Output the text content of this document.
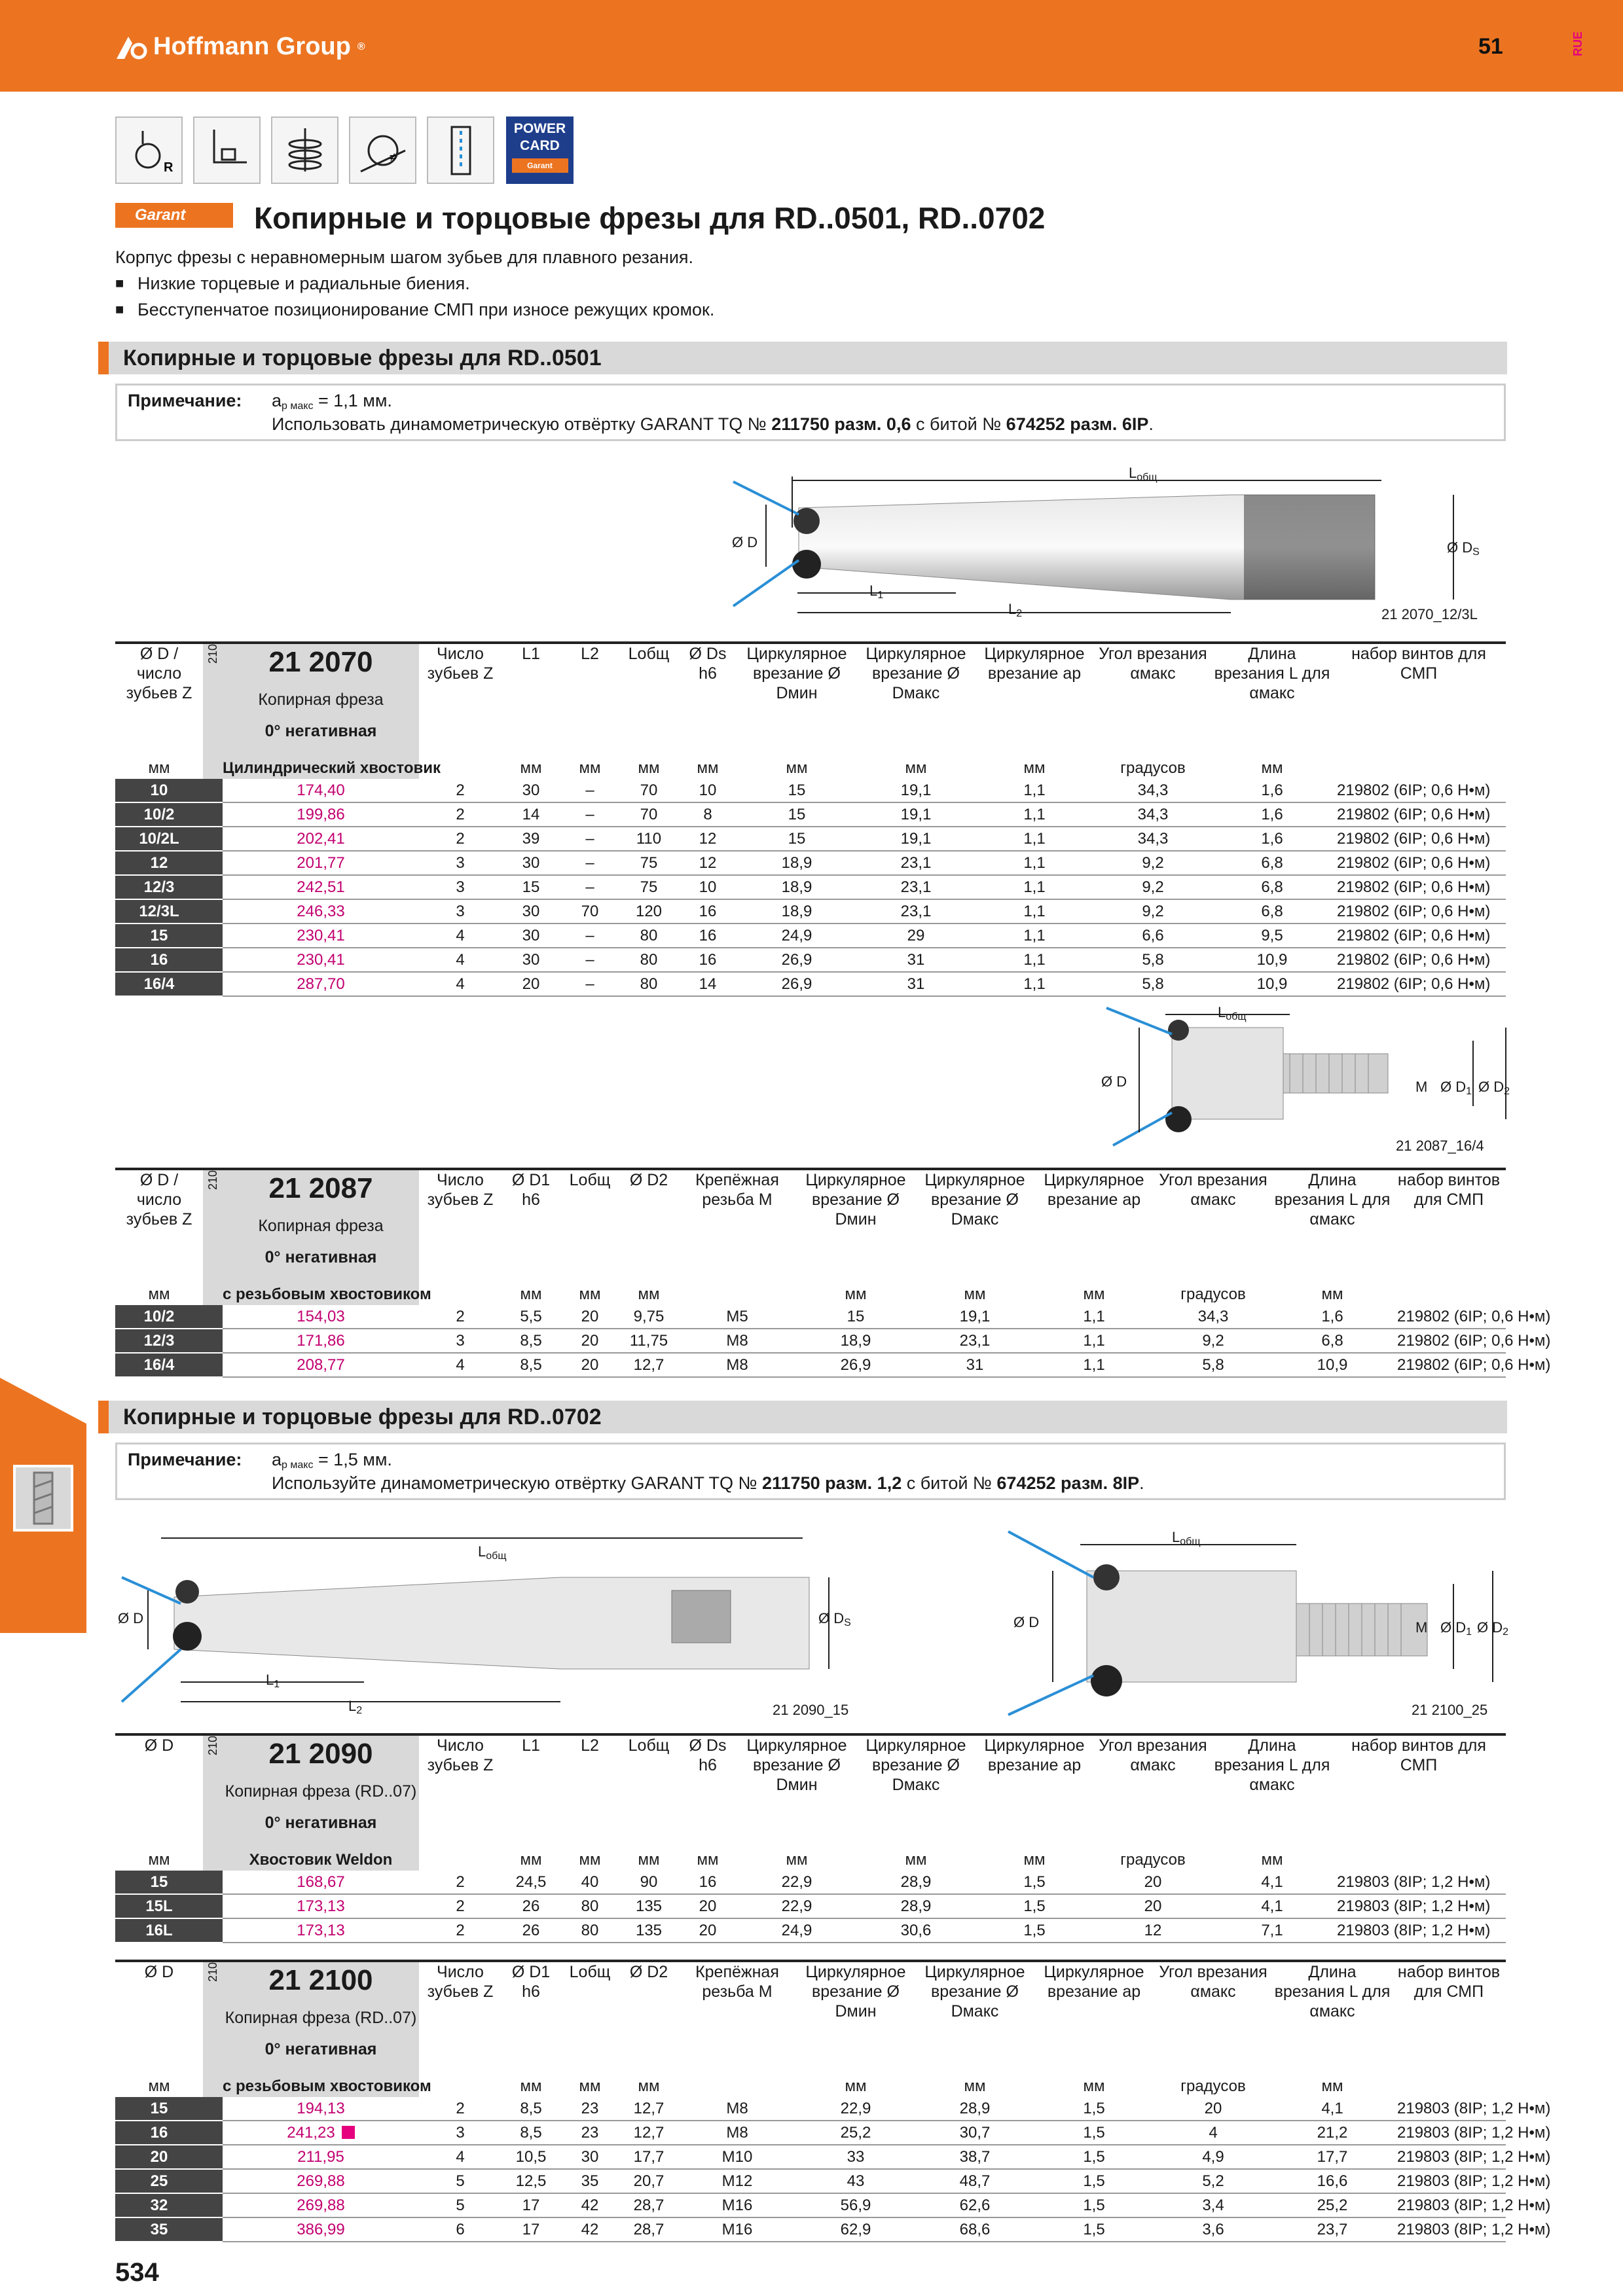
Hoffmann Group ®	51	RUE
R
≠
POWER
CARD
Garant
Garant	Копирные и торцовые фрезы для RD..0501, RD..0702
Корпус фрезы с неравномерным шагом зубьев для плавного резания.
■ Низкие торцевые и радиальные биения.
■ Бесступенчатое позиционирование СМП при износе режущих кромок.
Копирные и торцовые фрезы для RD..0501
Примечание: $a_{p макс} = 1,1$ мм.
Использовать динамометрическую отвёртку GARANT TQ № 211750 разм. 0,6 с битой № 674252 разм. 6IP.
Ø D	Ø $D_S$
$L_1$
$L_2$
$L_{общ}$
21 2070_12/3L
Ø D / число зубьев Z	210	21 2070	Число зубьев Z	L1	L2	Lобщ	Ø Ds h6	Циркулярное врезание Ø Dмин	Циркулярное врезание Ø Dмакс	Циркулярное врезание ap	Угол врезания αмакс	Длина врезания L для αмакс	набор винтов для СМП
		Копирная фреза											
		0° негативная											
мм		Цилиндрический хвостовик		мм	мм	мм	мм	мм	мм	мм	градусов	мм	
10		174,40	2	30	–	70	10	15	19,1	1,1	34,3	1,6	219802 (6IP; 0,6 Н•м)
10/2		199,86	2	14	–	70	8	15	19,1	1,1	34,3	1,6	219802 (6IP; 0,6 Н•м)
10/2L		202,41	2	39	–	110	12	15	19,1	1,1	34,3	1,6	219802 (6IP; 0,6 Н•м)
12		201,77	3	30	–	75	12	18,9	23,1	1,1	9,2	6,8	219802 (6IP; 0,6 Н•м)
12/3		242,51	3	15	–	75	10	18,9	23,1	1,1	9,2	6,8	219802 (6IP; 0,6 Н•м)
12/3L		246,33	3	30	70	120	16	18,9	23,1	1,1	9,2	6,8	219802 (6IP; 0,6 Н•м)
15		230,41	4	30	–	80	16	24,9	29	1,1	6,6	9,5	219802 (6IP; 0,6 Н•м)
16		230,41	4	30	–	80	16	26,9	31	1,1	5,8	10,9	219802 (6IP; 0,6 Н•м)
16/4		287,70	4	20	–	80	14	26,9	31	1,1	5,8	10,9	219802 (6IP; 0,6 Н•м)
Ø D	M Ø $D_1$ Ø $D_2$
$L_{общ}$
21 2087_16/4
Ø D / число зубьев Z	210	21 2087	Число зубьев Z	Ø D1 h6	Lобщ	Ø D2	Крепёжная резьба M	Циркулярное врезание Ø Dмин	Циркулярное врезание Ø Dмакс	Циркулярное врезание ap	Угол врезания αмакс	Длина врезания L для αмакс	набор винтов для СМП
		Копирная фреза											
		0° негативная											
мм		с резьбовым хвостовиком		мм	мм	мм		мм	мм	мм	градусов	мм	
10/2		154,03	2	5,5	20	9,75	M5	15	19,1	1,1	34,3	1,6	219802 (6IP; 0,6 Н•м)
12/3		171,86	3	8,5	20	11,75	M8	18,9	23,1	1,1	9,2	6,8	219802 (6IP; 0,6 Н•м)
16/4		208,77	4	8,5	20	12,7	M8	26,9	31	1,1	5,8	10,9	219802 (6IP; 0,6 Н•м)
Копирные и торцовые фрезы для RD..0702
Примечание: $a_{p макс} = 1,5$ мм.
Используйте динамометрическую отвёртку GARANT TQ № 211750 разм. 1,2 с битой № 674252 разм. 8IP.
Ø D	Ø $D_S$
$L_1$
$L_2$
$L_{общ}$
21 2090_15
Ø D	M Ø $D_1$ Ø $D_2$
$L_{общ}$
21 2100_25
Ø D	210	21 2090	Число зубьев Z	L1	L2	Lобщ	Ø Ds h6	Циркулярное врезание Ø Dмин	Циркулярное врезание Ø Dмакс	Циркулярное врезание ap	Угол врезания αмакс	Длина врезания L для αмакс	набор винтов для СМП
		Копирная фреза (RD..07)											
		0° негативная											
мм		Хвостовик Weldon		мм	мм	мм	мм	мм	мм	мм	градусов	мм	
15		168,67	2	24,5	40	90	16	22,9	28,9	1,5	20	4,1	219803 (8IP; 1,2 Н•м)
15L		173,13	2	26	80	135	20	22,9	28,9	1,5	20	4,1	219803 (8IP; 1,2 Н•м)
16L		173,13	2	26	80	135	20	24,9	30,6	1,5	12	7,1	219803 (8IP; 1,2 Н•м)
Ø D	210	21 2100	Число зубьев Z	Ø D1 h6	Lобщ	Ø D2	Крепёжная резьба M	Циркулярное врезание Ø Dмин	Циркулярное врезание Ø Dмакс	Циркулярное врезание ap	Угол врезания αмакс	Длина врезания L для αмакс	набор винтов для СМП
		Копирная фреза (RD..07)											
		0° негативная											
мм		с резьбовым хвостовиком		мм	мм	мм		мм	мм	мм	градусов	мм	
15		194,13	2	8,5	23	12,7	M8	22,9	28,9	1,5	20	4,1	219803 (8IP; 1,2 Н•м)
16		241,23	3	8,5	23	12,7	M8	25,2	30,7	1,5	4	21,2	219803 (8IP; 1,2 Н•м)
20		211,95	4	10,5	30	17,7	M10	33	38,7	1,5	4,9	17,7	219803 (8IP; 1,2 Н•м)
25		269,88	5	12,5	35	20,7	M12	43	48,7	1,5	5,2	16,6	219803 (8IP; 1,2 Н•м)
32		269,88	5	17	42	28,7	M16	56,9	62,6	1,5	3,4	25,2	219803 (8IP; 1,2 Н•м)
35		386,99	6	17	42	28,7	M16	62,9	68,6	1,5	3,6	23,7	219803 (8IP; 1,2 Н•м)
534
